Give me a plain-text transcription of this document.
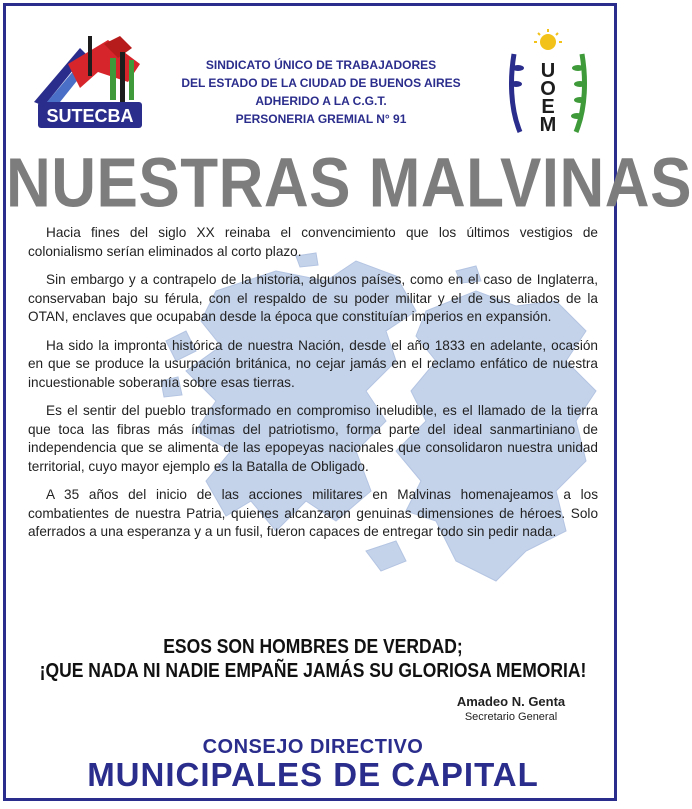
SUTECBA
SINDICATO ÚNICO DE TRABAJADORES
DEL ESTADO DE LA CIUDAD DE BUENOS AIRES
ADHERIDO A LA C.G.T.
PERSONERIA GREMIAL N° 91
U
O
E
M
NUESTRAS MALVINAS

Hacia fines del siglo XX reinaba el convencimiento que los últimos vestigios de colonialismo serían eliminados al corto plazo.

Sin embargo y a contrapelo de la historia, algunos países, como en el caso de Inglaterra, conservaban bajo su férula, con el respaldo de su poder militar y el de sus aliados de la OTAN, enclaves que ocupaban desde la época que constituían imperios en expansión.

Ha sido la impronta histórica de nuestra Nación, desde el año 1833 en adelante, ocasión en que se produce la usurpación británica, no cejar jamás en el reclamo enfático de nuestra incuestionable soberanía sobre esas tierras.

Es el sentir del pueblo transformado en compromiso ineludible, es el llamado de la tierra que toca las fibras más íntimas del patriotismo, forma parte del ideal sanmartiniano de independencia que se alimenta de las epopeyas nacionales que consolidaron nuestra unidad territorial, cuyo mayor ejemplo es la Batalla de Obligado.

A 35 años del inicio de las acciones militares en Malvinas homenajeamos a los combatientes de nuestra Patria, quienes alcanzaron genuinas dimensiones de héroes. Solo aferrados a una esperanza y a un fusil, fueron capaces de entregar todo sin pedir nada.

ESOS SON HOMBRES DE VERDAD;
¡QUE NADA NI NADIE EMPAÑE JAMÁS SU GLORIOSA MEMORIA!
Amadeo N. Genta
Secretario General
CONSEJO DIRECTIVO
MUNICIPALES DE CAPITAL
